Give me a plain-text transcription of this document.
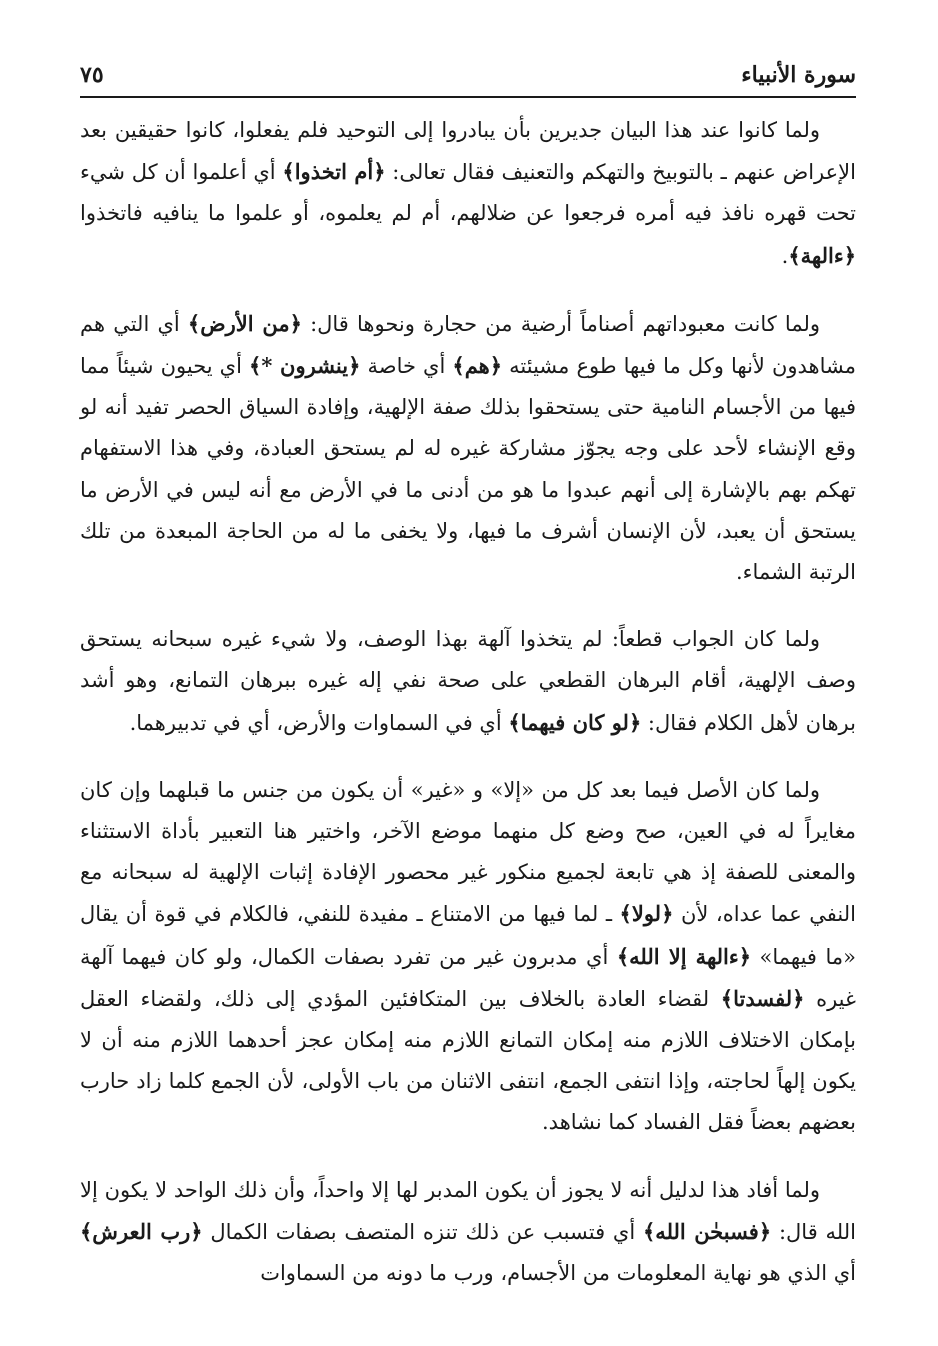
سورة الأنبياء
٧٥

ولما كانوا عند هذا البيان جديرين بأن يبادروا إلى التوحيد فلم يفعلوا، كانوا حقيقين بعد الإعراض عنهم ـ بالتوبيخ والتهكم والتعنيف فقال تعالى: ﴿أم اتخذوا﴾ أي أعلموا أن كل شيء تحت قهره نافذ فيه أمره فرجعوا عن ضلالهم، أم لم يعلموه، أو علموا ما ينافيه فاتخذوا ﴿ءالهة﴾.

ولما كانت معبوداتهم أصناماً أرضية من حجارة ونحوها قال: ﴿من الأرض﴾ أي التي هم مشاهدون لأنها وكل ما فيها طوع مشيئته ﴿هم﴾ أي خاصة ﴿ينشرون *﴾ أي يحيون شيئاً مما فيها من الأجسام النامية حتى يستحقوا بذلك صفة الإلهية، وإفادة السياق الحصر تفيد أنه لو وقع الإنشاء لأحد على وجه يجوّز مشاركة غيره له لم يستحق العبادة، وفي هذا الاستفهام تهكم بهم بالإشارة إلى أنهم عبدوا ما هو من أدنى ما في الأرض مع أنه ليس في الأرض ما يستحق أن يعبد، لأن الإنسان أشرف ما فيها، ولا يخفى ما له من الحاجة المبعدة من تلك الرتبة الشماء.

ولما كان الجواب قطعاً: لم يتخذوا آلهة بهذا الوصف، ولا شيء غيره سبحانه يستحق وصف الإلهية، أقام البرهان القطعي على صحة نفي إله غيره ببرهان التمانع، وهو أشد برهان لأهل الكلام فقال: ﴿لو كان فيهما﴾ أي في السماوات والأرض، أي في تدبيرهما.

ولما كان الأصل فيما بعد كل من «إلا» و «غير» أن يكون من جنس ما قبلهما وإن كان مغايراً له في العين، صح وضع كل منهما موضع الآخر، واختير هنا التعبير بأداة الاستثناء والمعنى للصفة إذ هي تابعة لجميع منكور غير محصور الإفادة إثبات الإلهية له سبحانه مع النفي عما عداه، لأن ﴿لولا﴾ ـ لما فيها من الامتناع ـ مفيدة للنفي، فالكلام في قوة أن يقال «ما فيهما» ﴿ءالهة إلا الله﴾ أي مدبرون غير من تفرد بصفات الكمال، ولو كان فيهما آلهة غيره ﴿لفسدتا﴾ لقضاء العادة بالخلاف بين المتكافئين المؤدي إلى ذلك، ولقضاء العقل بإمكان الاختلاف اللازم منه إمكان التمانع اللازم منه إمكان عجز أحدهما اللازم منه أن لا يكون إلهاً لحاجته، وإذا انتفى الجمع، انتفى الاثنان من باب الأولى، لأن الجمع كلما زاد حارب بعضهم بعضاً فقل الفساد كما نشاهد.

ولما أفاد هذا لدليل أنه لا يجوز أن يكون المدبر لها إلا واحداً، وأن ذلك الواحد لا يكون إلا الله قال: ﴿فسبحٰن الله﴾ أي فتسبب عن ذلك تنزه المتصف بصفات الكمال ﴿رب العرش﴾ أي الذي هو نهاية المعلومات من الأجسام، ورب ما دونه من السماوات
